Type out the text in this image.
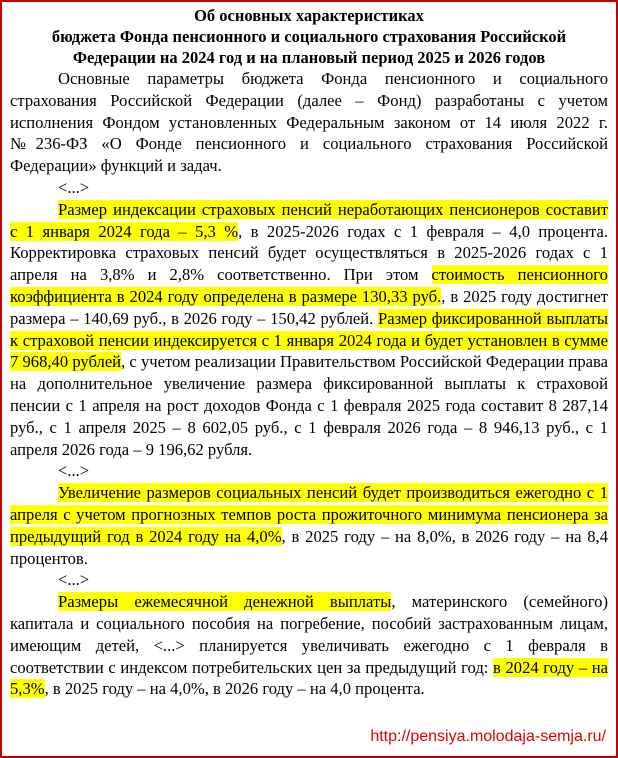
Об основных характеристиках
бюджета Фонда пенсионного и социального страхования Российской
Федерации на 2024 год и на плановый период 2025 и 2026 годов

Основные параметры бюджета Фонда пенсионного и социального страхования Российской Федерации (далее – Фонд) разработаны с учетом исполнения Фондом установленных Федеральным законом от 14 июля 2022 г. №236-ФЗ «О Фонде пенсионного и социального страхования Российской Федерации» функций и задач.

<...>

Размер индексации страховых пенсий неработающих пенсионеров составит с 1 января 2024 года – 5,3 %, в 2025-2026 годах с 1 февраля – 4,0 процента. Корректировка страховых пенсий будет осуществляться в 2025-2026 годах с 1 апреля на 3,8% и 2,8% соответственно. При этом стоимость пенсионного коэффициента в 2024 году определена в размере 130,33 руб., в 2025 году достигнет размера – 140,69 руб., в 2026 году – 150,42 рублей. Размер фиксированной выплаты к страховой пенсии индексируется с 1 января 2024 года и будет установлен в сумме 7 968,40 рублей, с учетом реализации Правительством Российской Федерации права на дополнительное увеличение размера фиксированной выплаты к страховой пенсии с 1 апреля на рост доходов Фонда с 1 февраля 2025 года составит 8 287,14 руб., с 1 апреля 2025 – 8 602,05 руб., с 1 февраля 2026 года – 8 946,13 руб., с 1 апреля 2026 года – 9 196,62 рубля.

<...>

Увеличение размеров социальных пенсий будет производиться ежегодно с 1 апреля с учетом прогнозных темпов роста прожиточного минимума пенсионера за предыдущий год в 2024 году на 4,0%, в 2025 году – на 8,0%, в 2026 году – на 8,4 процентов.

<...>

Размеры ежемесячной денежной выплаты, материнского (семейного) капитала и социального пособия на погребение, пособий застрахованным лицам, имеющим детей, <...> планируется увеличивать ежегодно с 1 февраля в соответствии с индексом потребительских цен за предыдущий год: в 2024 году – на 5,3%, в 2025 году – на 4,0%, в 2026 году – на 4,0 процента.

http://pensiya.molodaja-semja.ru/
